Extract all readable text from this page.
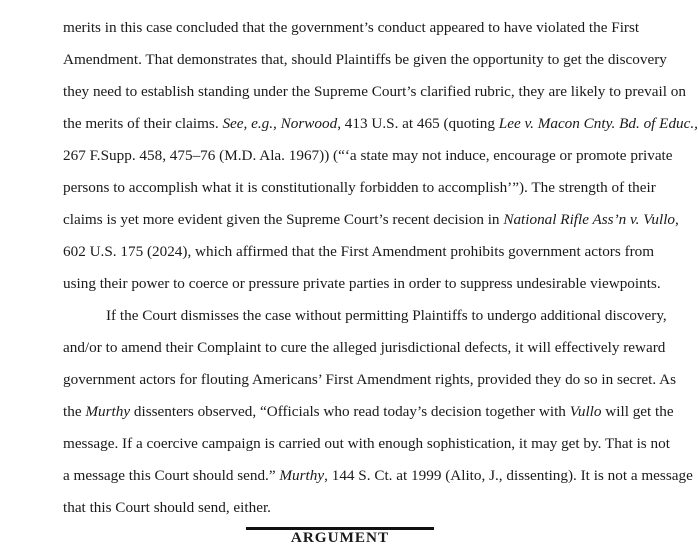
merits in this case concluded that the government’s conduct appeared to have violated the First
Amendment. That demonstrates that, should Plaintiffs be given the opportunity to get the discovery
they need to establish standing under the Supreme Court’s clarified rubric, they are likely to prevail on
the merits of their claims. See, e.g., Norwood, 413 U.S. at 465 (quoting Lee v. Macon Cnty. Bd. of Educ.,
267 F.Supp. 458, 475–76 (M.D. Ala. 1967)) (“‘a state may not induce, encourage or promote private
persons to accomplish what it is constitutionally forbidden to accomplish’”). The strength of their
claims is yet more evident given the Supreme Court’s recent decision in National Rifle Ass’n v. Vullo,
602 U.S. 175 (2024), which affirmed that the First Amendment prohibits government actors from
using their power to coerce or pressure private parties in order to suppress undesirable viewpoints.
If the Court dismisses the case without permitting Plaintiffs to undergo additional discovery,
and/or to amend their Complaint to cure the alleged jurisdictional defects, it will effectively reward
government actors for flouting Americans’ First Amendment rights, provided they do so in secret. As
the Murthy dissenters observed, “Officials who read today’s decision together with Vullo will get the
message. If a coercive campaign is carried out with enough sophistication, it may get by. That is not
a message this Court should send.” Murthy, 144 S. Ct. at 1999 (Alito, J., dissenting). It is not a message
that this Court should send, either.
ARGUMENT
